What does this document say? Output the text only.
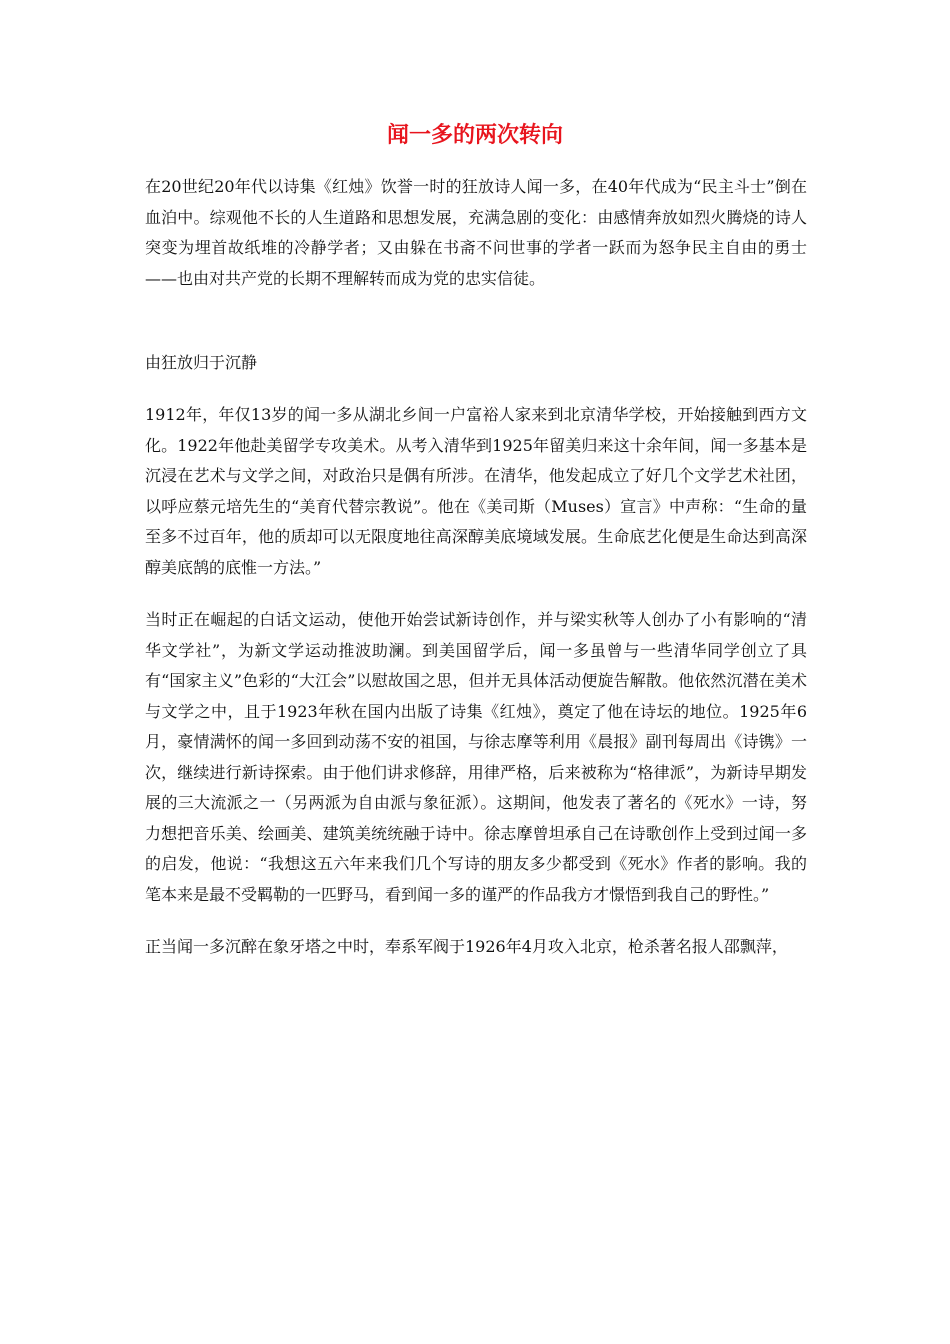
闻一多的两次转向

在20世纪20年代以诗集《红烛》饮誉一时的狂放诗人闻一多，在40年代成为“民主斗士”倒在血泊中。综观他不长的人生道路和思想发展，充满急剧的变化：由感情奔放如烈火腾烧的诗人突变为埋首故纸堆的冷静学者；又由躲在书斋不问世事的学者一跃而为怒争民主自由的勇士——也由对共产党的长期不理解转而成为党的忠实信徒。

由狂放归于沉静

1912年，年仅13岁的闻一多从湖北乡间一户富裕人家来到北京清华学校，开始接触到西方文化。1922年他赴美留学专攻美术。从考入清华到1925年留美归来这十余年间，闻一多基本是沉浸在艺术与文学之间，对政治只是偶有所涉。在清华，他发起成立了好几个文学艺术社团，以呼应蔡元培先生的“美育代替宗教说”。他在《美司斯（Muses）宣言》中声称：“生命的量至多不过百年，他的质却可以无限度地往高深醇美底境域发展。生命底艺化便是生命达到高深醇美底鹄的底惟一方法。”

当时正在崛起的白话文运动，使他开始尝试新诗创作，并与梁实秋等人创办了小有影响的“清华文学社”，为新文学运动推波助澜。到美国留学后，闻一多虽曾与一些清华同学创立了具有“国家主义”色彩的“大江会”以慰故国之思，但并无具体活动便旋告解散。他依然沉潜在美术与文学之中，且于1923年秋在国内出版了诗集《红烛》，奠定了他在诗坛的地位。1925年6月，豪情满怀的闻一多回到动荡不安的祖国，与徐志摩等利用《晨报》副刊每周出《诗镌》一次，继续进行新诗探索。由于他们讲求修辞，用律严格，后来被称为“格律派”，为新诗早期发展的三大流派之一（另两派为自由派与象征派）。这期间，他发表了著名的《死水》一诗，努力想把音乐美、绘画美、建筑美统统融于诗中。徐志摩曾坦承自己在诗歌创作上受到过闻一多的启发，他说：“我想这五六年来我们几个写诗的朋友多少都受到《死水》作者的影响。我的笔本来是最不受羁勒的一匹野马，看到闻一多的谨严的作品我方才憬悟到我自己的野性。”

正当闻一多沉醉在象牙塔之中时，奉系军阀于1926年4月攻入北京，枪杀著名报人邵飘萍，
